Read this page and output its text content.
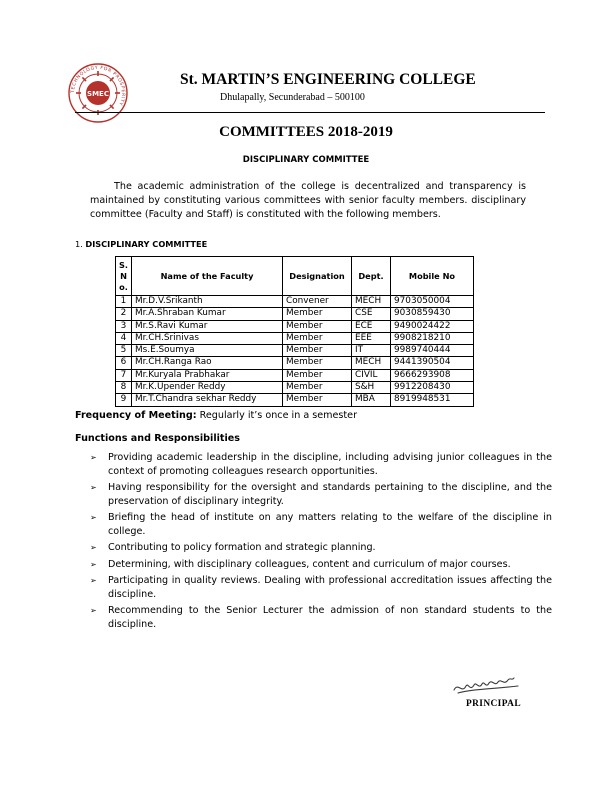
SMEC
TECHNOLOGY FOR PROSPERITY
St. MARTIN’S ENGINEERING COLLEGE
Dhulapally, Secunderabad – 500100
COMMITTEES 2018-2019
DISCIPLINARY COMMITTEE

The academic administration of the college is decentralized and transparency is maintained by constituting various committees with senior faculty members. disciplinary committee (Faculty and Staff) is constituted with the following members.

1. DISCIPLINARY COMMITTEE
S.
N
o.	Name of the Faculty	Designation	Dept.	Mobile No
1	Mr.D.V.Srikanth	Convener	MECH	9703050004
2	Mr.A.Shraban Kumar	Member	CSE	9030859430
3	Mr.S.Ravi Kumar	Member	ECE	9490024422
4	Mr.CH.Srinivas	Member	EEE	9908218210
5	Ms.E.Soumya	Member	IT	9989740444
6	Mr.CH.Ranga Rao	Member	MECH	9441390504
7	Mr.Kuryala Prabhakar	Member	CIVIL	9666293908
8	Mr.K.Upender Reddy	Member	S&H	9912208430
9	Mr.T.Chandra sekhar Reddy	Member	MBA	8919948531
Frequency of Meeting: Regularly it’s once in a semester
Functions and Responsibilities
➢ Providing academic leadership in the discipline, including advising junior colleagues in the context of promoting colleagues research opportunities.
➢ Having responsibility for the oversight and standards pertaining to the discipline, and the preservation of disciplinary integrity.
➢ Briefing the head of institute on any matters relating to the welfare of the discipline in college.
➢ Contributing to policy formation and strategic planning.
➢ Determining, with disciplinary colleagues, content and curriculum of major courses.
➢ Participating in quality reviews. Dealing with professional accreditation issues affecting the discipline.
➢ Recommending to the Senior Lecturer the admission of non standard students to the discipline.
PRINCIPAL
